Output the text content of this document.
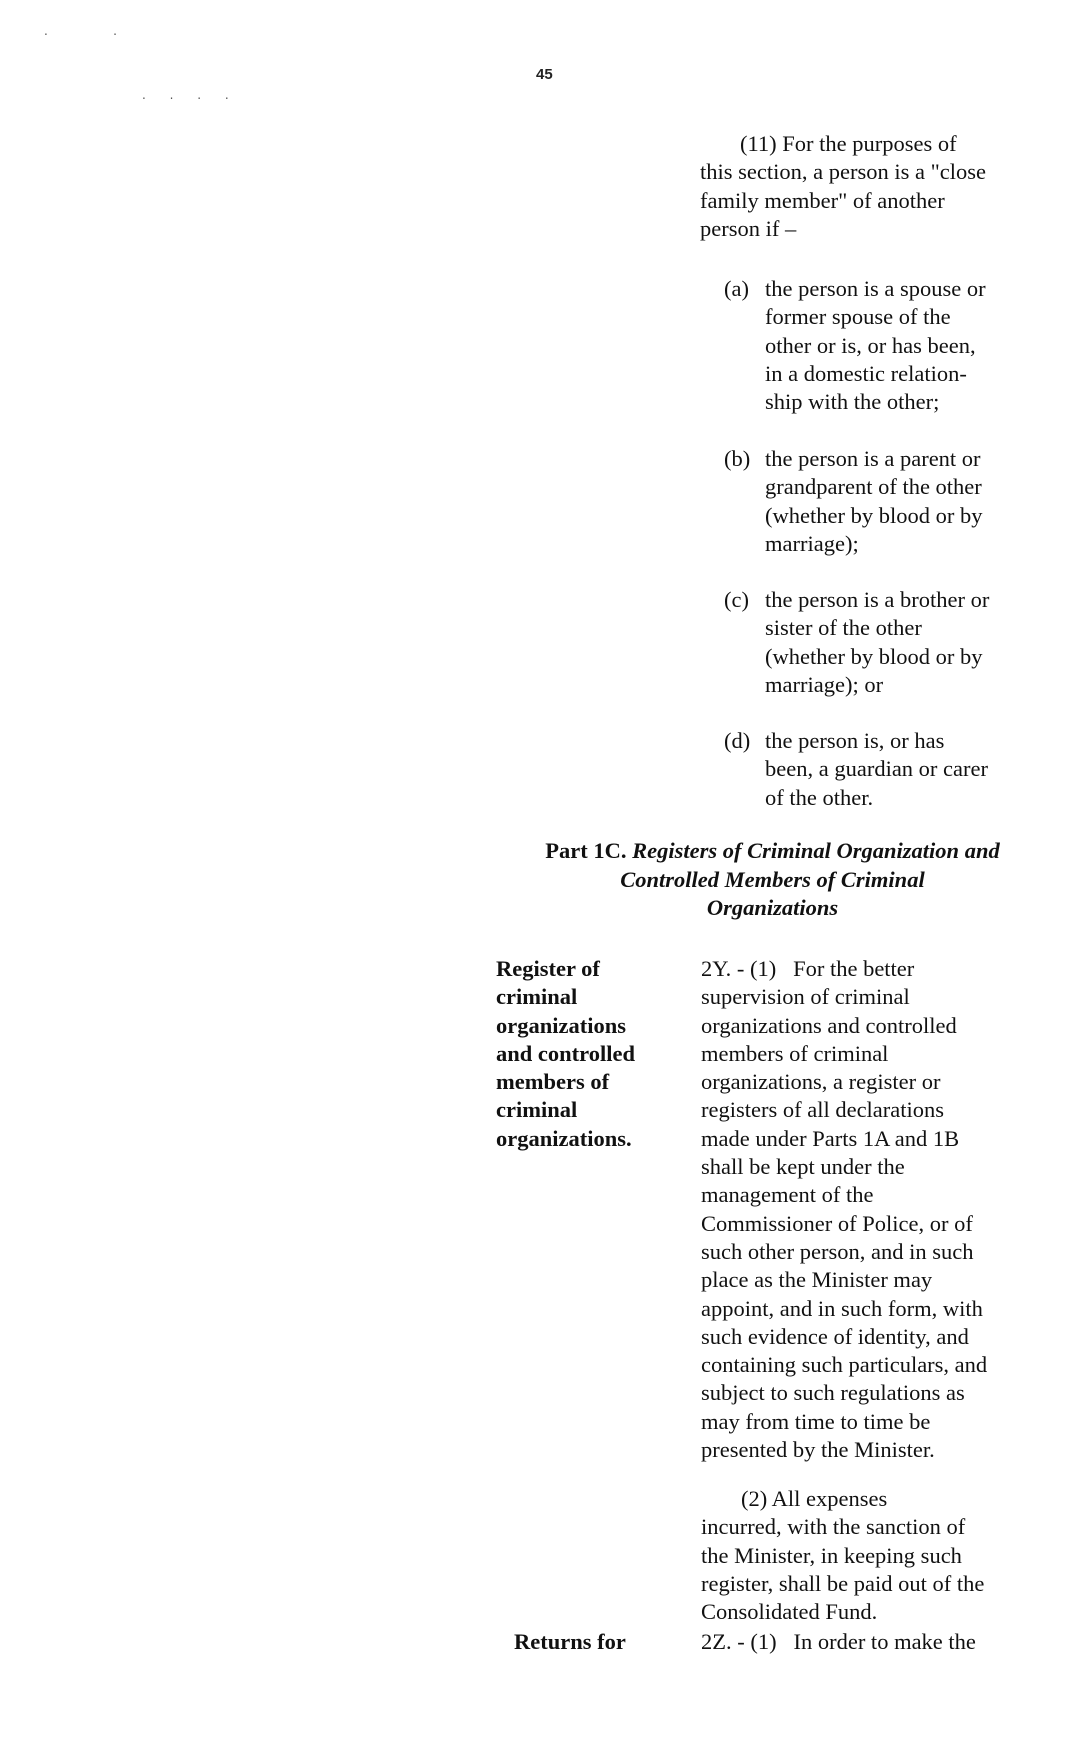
.    .
. . . .
45
(11) For the purposes of
this section, a person is a "close
family member" of another
person if –
(a) the person is a spouse or
former spouse of the
other or is, or has been,
in a domestic relation-
ship with the other;
(b) the person is a parent or
grandparent of the other
(whether by blood or by
marriage);
(c) the person is a brother or
sister of the other
(whether by blood or by
marriage); or
(d) the person is, or has
been, a guardian or carer
of the other.
Part 1C. Registers of Criminal Organization and
Controlled Members of Criminal
Organizations
Register of
criminal
organizations
and controlled
members of
criminal
organizations.
2Y. - (1)   For the better
supervision of criminal
organizations and controlled
members of criminal
organizations, a register or
registers of all declarations
made under Parts 1A and 1B
shall be kept under the
management of the
Commissioner of Police, or of
such other person, and in such
place as the Minister may
appoint, and in such form, with
such evidence of identity, and
containing such particulars, and
subject to such regulations as
may from time to time be
presented by the Minister.
(2) All expenses
incurred, with the sanction of
the Minister, in keeping such
register, shall be paid out of the
Consolidated Fund.
Returns for	2Z. - (1)   In order to make the
